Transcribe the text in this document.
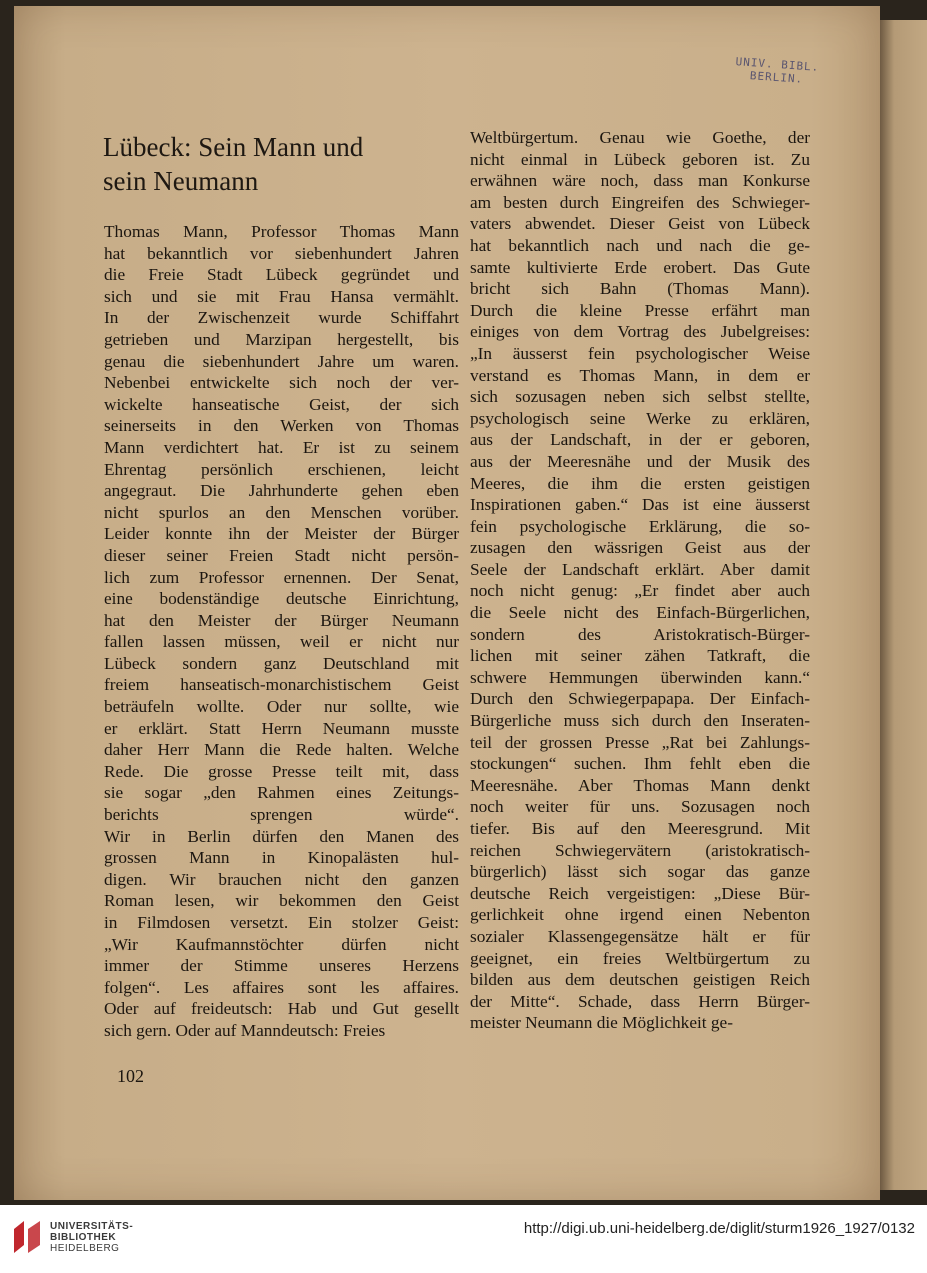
UNIV. BIBL.
BERLIN.
Lübeck: Sein Mann und
sein Neumann
Thomas Mann, Professor Thomas Mann
hat bekanntlich vor siebenhundert Jahren
die Freie Stadt Lübeck gegründet und
sich und sie mit Frau Hansa vermählt.
In der Zwischenzeit wurde Schiffahrt
getrieben und Marzipan hergestellt, bis
genau die siebenhundert Jahre um waren.
Nebenbei entwickelte sich noch der ver-
wickelte hanseatische Geist, der sich
seinerseits in den Werken von Thomas
Mann verdichtert hat. Er ist zu seinem
Ehrentag persönlich erschienen, leicht
angegraut. Die Jahrhunderte gehen eben
nicht spurlos an den Menschen vorüber.
Leider konnte ihn der Meister der Bürger
dieser seiner Freien Stadt nicht persön-
lich zum Professor ernennen. Der Senat,
eine bodenständige deutsche Einrichtung,
hat den Meister der Bürger Neumann
fallen lassen müssen, weil er nicht nur
Lübeck sondern ganz Deutschland mit
freiem hanseatisch-monarchistischem Geist
beträufeln wollte. Oder nur sollte, wie
er erklärt. Statt Herrn Neumann musste
daher Herr Mann die Rede halten. Welche
Rede. Die grosse Presse teilt mit, dass
sie sogar „den Rahmen eines Zeitungs-
berichts sprengen würde“.
Wir in Berlin dürfen den Manen des
grossen Mann in Kinopalästen hul-
digen. Wir brauchen nicht den ganzen
Roman lesen, wir bekommen den Geist
in Filmdosen versetzt. Ein stolzer Geist:
„Wir Kaufmannstöchter dürfen nicht
immer der Stimme unseres Herzens
folgen“. Les affaires sont les affaires.
Oder auf freideutsch: Hab und Gut gesellt
sich gern. Oder auf Manndeutsch: Freies
Weltbürgertum. Genau wie Goethe, der
nicht einmal in Lübeck geboren ist. Zu
erwähnen wäre noch, dass man Konkurse
am besten durch Eingreifen des Schwieger-
vaters abwendet. Dieser Geist von Lübeck
hat bekanntlich nach und nach die ge-
samte kultivierte Erde erobert. Das Gute
bricht sich Bahn (Thomas Mann).
Durch die kleine Presse erfährt man
einiges von dem Vortrag des Jubelgreises:
„In äusserst fein psychologischer Weise
verstand es Thomas Mann, in dem er
sich sozusagen neben sich selbst stellte,
psychologisch seine Werke zu erklären,
aus der Landschaft, in der er geboren,
aus der Meeresnähe und der Musik des
Meeres, die ihm die ersten geistigen
Inspirationen gaben.“ Das ist eine äusserst
fein psychologische Erklärung, die so-
zusagen den wässrigen Geist aus der
Seele der Landschaft erklärt. Aber damit
noch nicht genug: „Er findet aber auch
die Seele nicht des Einfach-Bürgerlichen,
sondern des Aristokratisch-Bürger-
lichen mit seiner zähen Tatkraft, die
schwere Hemmungen überwinden kann.“
Durch den Schwiegerpapapa. Der Einfach-
Bürgerliche muss sich durch den Inseraten-
teil der grossen Presse „Rat bei Zahlungs-
stockungen“ suchen. Ihm fehlt eben die
Meeresnähe. Aber Thomas Mann denkt
noch weiter für uns. Sozusagen noch
tiefer. Bis auf den Meeresgrund. Mit
reichen Schwiegervätern (aristokratisch-
bürgerlich) lässt sich sogar das ganze
deutsche Reich vergeistigen: „Diese Bür-
gerlichkeit ohne irgend einen Nebenton
sozialer Klassengegensätze hält er für
geeignet, ein freies Weltbürgertum zu
bilden aus dem deutschen geistigen Reich
der Mitte“. Schade, dass Herrn Bürger-
meister Neumann die Möglichkeit ge-
102
UNIVERSITÄTS-
BIBLIOTHEK
HEIDELBERG
http://digi.ub.uni-heidelberg.de/diglit/sturm1926_1927/0132
